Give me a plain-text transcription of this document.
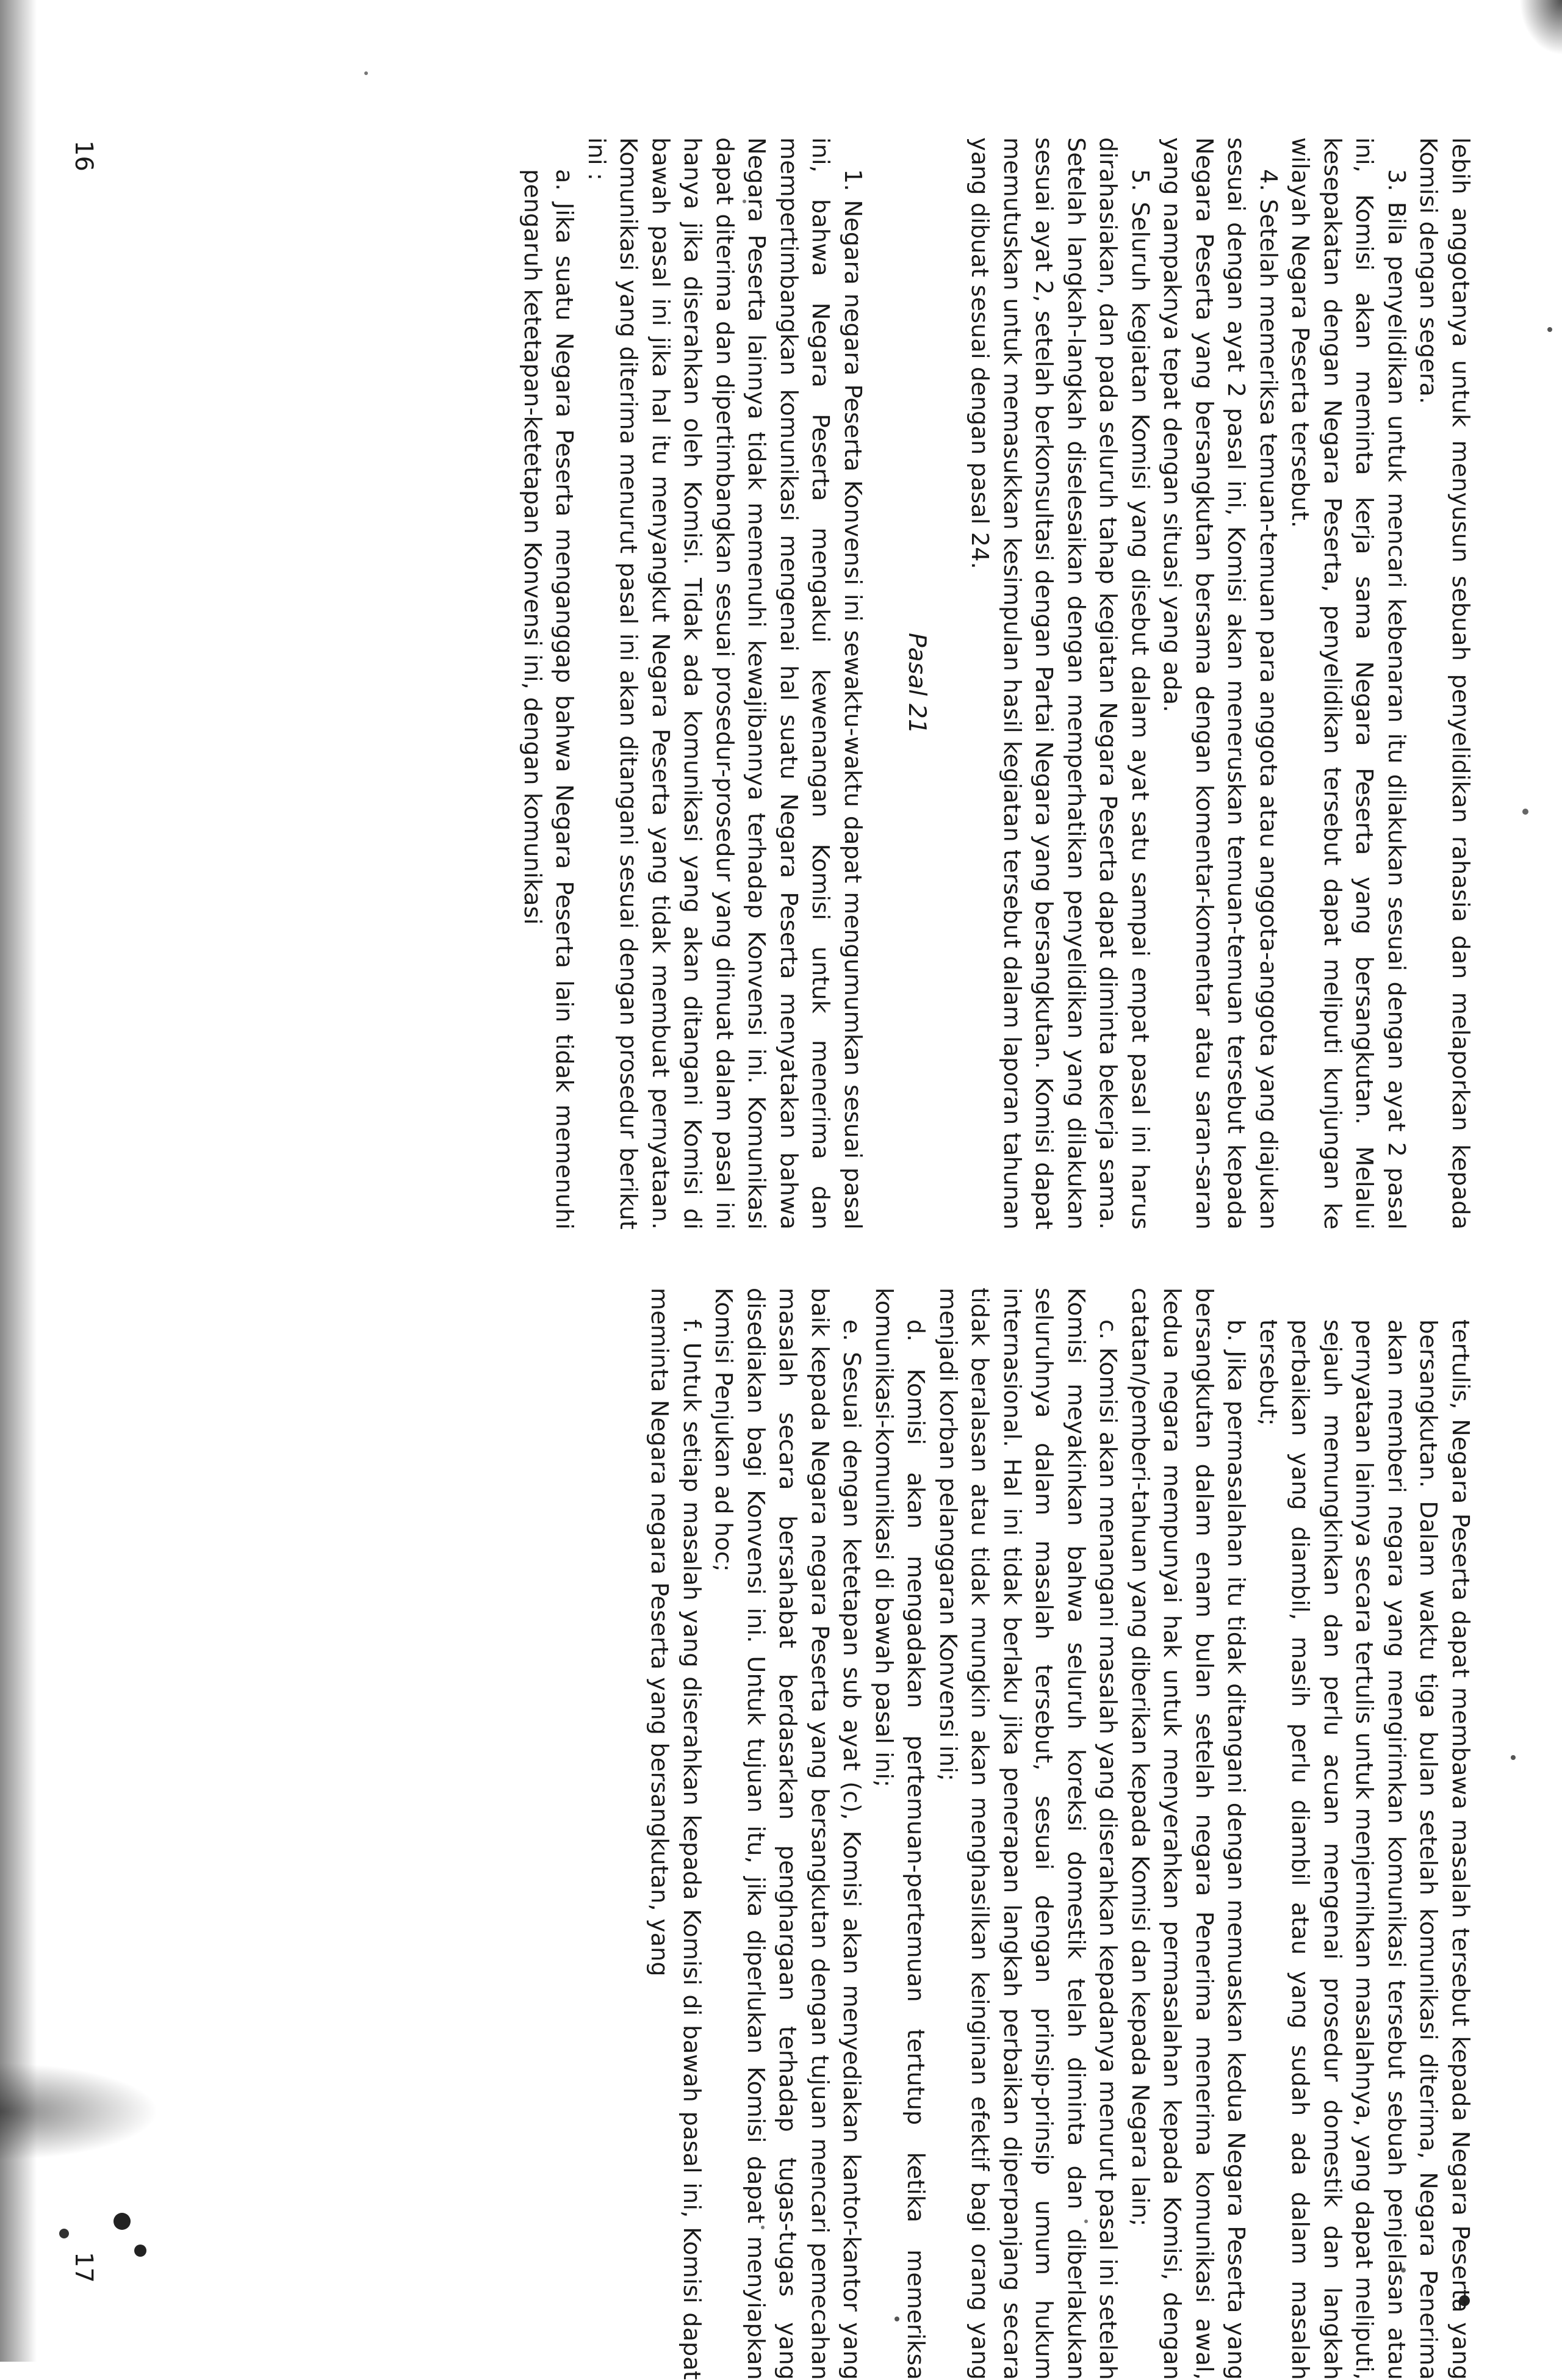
lebih anggotanya untuk menyusun sebuah penyelidikan rahasia dan melaporkan kepada Komisi dengan segera.

3. Bila penyelidikan untuk mencari kebenaran itu dilakukan sesuai dengan ayat 2 pasal ini, Komisi akan meminta kerja sama Negara Peserta yang bersangkutan. Melalui kesepakatan dengan Negara Peserta, penyelidikan tersebut dapat meliputi kunjungan ke wilayah Negara Peserta tersebut.

4. Setelah memeriksa temuan-temuan para anggota atau anggota-anggota yang diajukan sesuai dengan ayat 2 pasal ini, Komisi akan meneruskan temuan-temuan tersebut kepada Negara Peserta yang bersangkutan bersama dengan komentar-komentar atau saran-saran yang nampaknya tepat dengan situasi yang ada.

5. Seluruh kegiatan Komisi yang disebut dalam ayat satu sampai empat pasal ini harus dirahasiakan, dan pada seluruh tahap kegiatan Negara Peserta dapat diminta bekerja sama. Setelah langkah-langkah diselesaikan dengan memperhatikan penyelidikan yang dilakukan sesuai ayat 2, setelah berkonsultasi dengan Partai Negara yang bersangkutan. Komisi dapat memutuskan untuk memasukkan kesimpulan hasil kegiatan tersebut dalam laporan tahunan yang dibuat sesuai dengan pasal 24.

Pasal 21

1. Negara negara Peserta Konvensi ini sewaktu-waktu dapat mengumumkan sesuai pasal ini, bahwa Negara Peserta mengakui kewenangan Komisi untuk menerima dan mempertimbangkan komunikasi mengenai hal suatu Negara Peserta menyatakan bahwa Negara Peserta lainnya tidak memenuhi kewajibannya terhadap Konvensi ini. Komunikasi dapat diterima dan dipertimbangkan sesuai prosedur-prosedur yang dimuat dalam pasal ini hanya jika diserahkan oleh Komisi. Tidak ada komunikasi yang akan ditangani Komisi di bawah pasal ini jika hal itu menyangkut Negara Peserta yang tidak membuat pernyataan. Komunikasi yang diterima menurut pasal ini akan ditangani sesuai dengan prosedur berikut ini :

a. Jika suatu Negara Peserta menganggap bahwa Negara Peserta lain tidak memenuhi pengaruh ketetapan-ketetapan Konvensi ini, dengan komunikasi

tertulis, Negara Peserta dapat membawa masalah tersebut kepada Negara Peserta yang bersangkutan. Dalam waktu tiga bulan setelah komunikasi diterima, Negara Penerima akan memberi negara yang mengirimkan komunikasi tersebut sebuah penjelasan atau pernyataan lainnya secara tertulis untuk menjernihkan masalahnya, yang dapat meliputi, sejauh memungkinkan dan perlu acuan mengenai prosedur domestik dan langkah perbaikan yang diambil, masih perlu diambil atau yang sudah ada dalam masalah tersebut;

b. Jika permasalahan itu tidak ditangani dengan memuaskan kedua Negara Peserta yang bersangkutan dalam enam bulan setelah negara Penerima menerima komunikasi awal, kedua negara mempunyai hak untuk menyerahkan permasalahan kepada Komisi, dengan catatan/pemberi-tahuan yang diberikan kepada Komisi dan kepada Negara lain;

c. Komisi akan menangani masalah yang diserahkan kepadanya menurut pasal ini setelah Komisi meyakinkan bahwa seluruh koreksi domestik telah diminta dan diberlakukan seluruhnya dalam masalah tersebut, sesuai dengan prinsip-prinsip umum hukum internasional. Hal ini tidak berlaku jika penerapan langkah perbaikan diperpanjang secara tidak beralasan atau tidak mungkin akan menghasilkan keinginan efektif bagi orang yang menjadi korban pelanggaran Konvensi ini;

d. Komisi akan mengadakan pertemuan-pertemuan tertutup ketika memeriksa komunikasi-komunikasi di bawah pasal ini;

e. Sesuai dengan ketetapan sub ayat (c), Komisi akan menyediakan kantor-kantor yang baik kepada Negara negara Peserta yang bersangkutan dengan tujuan mencari pemecahan masalah secara bersahabat berdasarkan penghargaan terhadap tugas-tugas yang disediakan bagi Konvensi ini. Untuk tujuan itu, jika diperlukan Komisi dapat menyiapkan Komisi Penjukan ad hoc;

f. Untuk setiap masalah yang diserahkan kepada Komisi di bawah pasal ini, Komisi dapat meminta Negara negara Peserta yang bersangkutan, yang

16
17
